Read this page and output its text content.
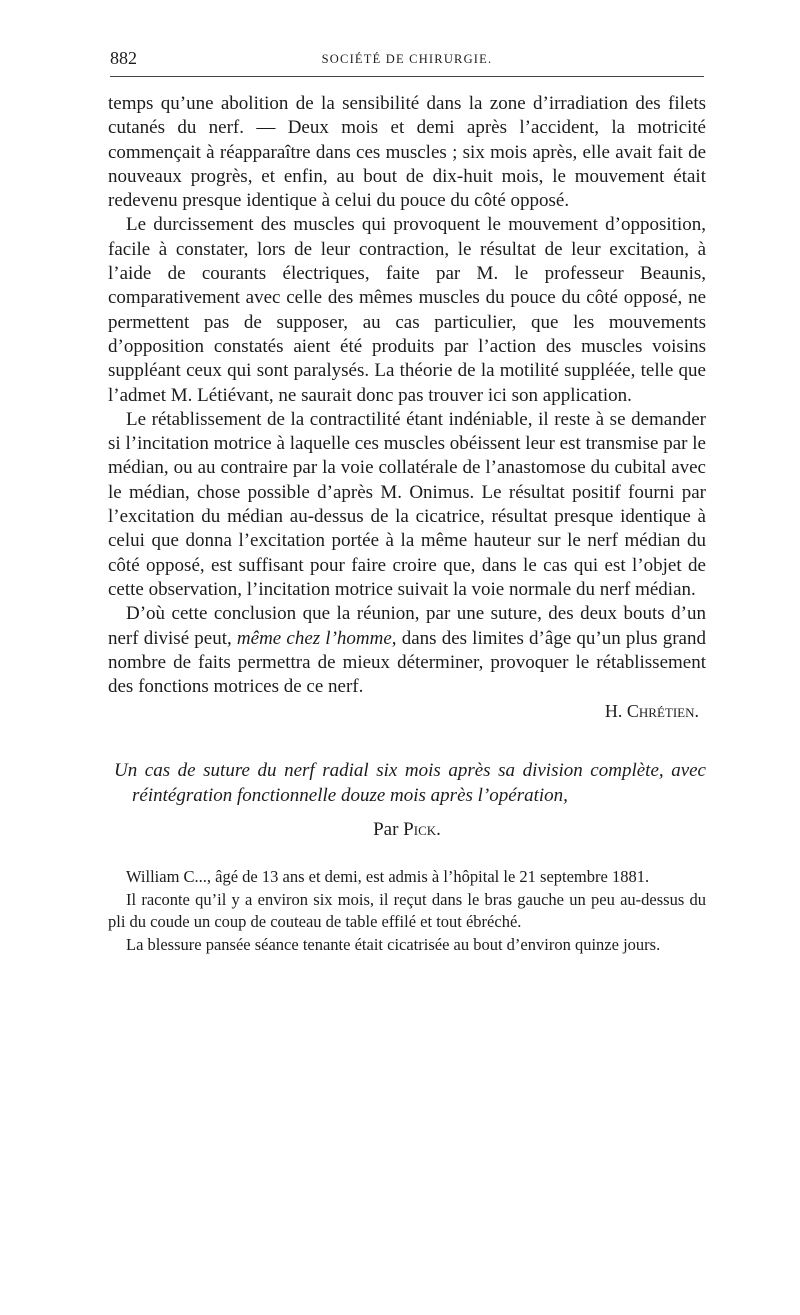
882	SOCIÉTÉ DE CHIRURGIE.

temps qu’une abolition de la sensibilité dans la zone d’irradiation des filets cutanés du nerf. — Deux mois et demi après l’accident, la motricité commençait à réapparaître dans ces muscles ; six mois après, elle avait fait de nouveaux progrès, et enfin, au bout de dix-huit mois, le mouvement était redevenu presque identique à celui du pouce du côté opposé.

Le durcissement des muscles qui provoquent le mouvement d’opposition, facile à constater, lors de leur contraction, le résultat de leur excitation, à l’aide de courants électriques, faite par M. le professeur Beaunis, comparativement avec celle des mêmes muscles du pouce du côté opposé, ne permettent pas de supposer, au cas particulier, que les mouvements d’opposition constatés aient été produits par l’action des muscles voisins suppléant ceux qui sont paralysés. La théorie de la motilité suppléée, telle que l’admet M. Létiévant, ne saurait donc pas trouver ici son application.

Le rétablissement de la contractilité étant indéniable, il reste à se demander si l’incitation motrice à laquelle ces muscles obéissent leur est transmise par le médian, ou au contraire par la voie collatérale de l’anastomose du cubital avec le médian, chose possible d’après M. Onimus. Le résultat positif fourni par l’excitation du médian au-dessus de la cicatrice, résultat presque identique à celui que donna l’excitation portée à la même hauteur sur le nerf médian du côté opposé, est suffisant pour faire croire que, dans le cas qui est l’objet de cette observation, l’incitation motrice suivait la voie normale du nerf médian.

D’où cette conclusion que la réunion, par une suture, des deux bouts d’un nerf divisé peut, même chez l’homme, dans des limites d’âge qu’un plus grand nombre de faits permettra de mieux déterminer, provoquer le rétablissement des fonctions motrices de ce nerf.

H. Chrétien.

Un cas de suture du nerf radial six mois après sa division complète, avec réintégration fonctionnelle douze mois après l’opération,

Par Pick.

William C..., âgé de 13 ans et demi, est admis à l’hôpital le 21 septembre 1881.

Il raconte qu’il y a environ six mois, il reçut dans le bras gauche un peu au-dessus du pli du coude un coup de couteau de table effilé et tout ébréché.

La blessure pansée séance tenante était cicatrisée au bout d’environ quinze jours.
